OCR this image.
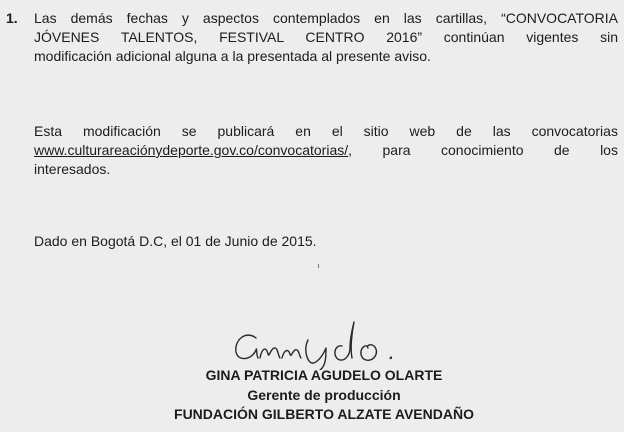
1. Las demás fechas y aspectos contemplados en las cartillas, “CONVOCATORIA
JÓVENES TALENTOS, FESTIVAL CENTRO 2016” continúan vigentes sin
modificación adicional alguna a la presentada al presente aviso.
Esta modificación se publicará en el sitio web de las convocatorias
www.culturareaciónydeporte.gov.co/convocatorias/, para conocimiento de los
interesados.
Dado en Bogotá D.C, el 01 de Junio de 2015.
GINA PATRICIA AGUDELO OLARTE
Gerente de producción
FUNDACIÓN GILBERTO ALZATE AVENDAÑO
